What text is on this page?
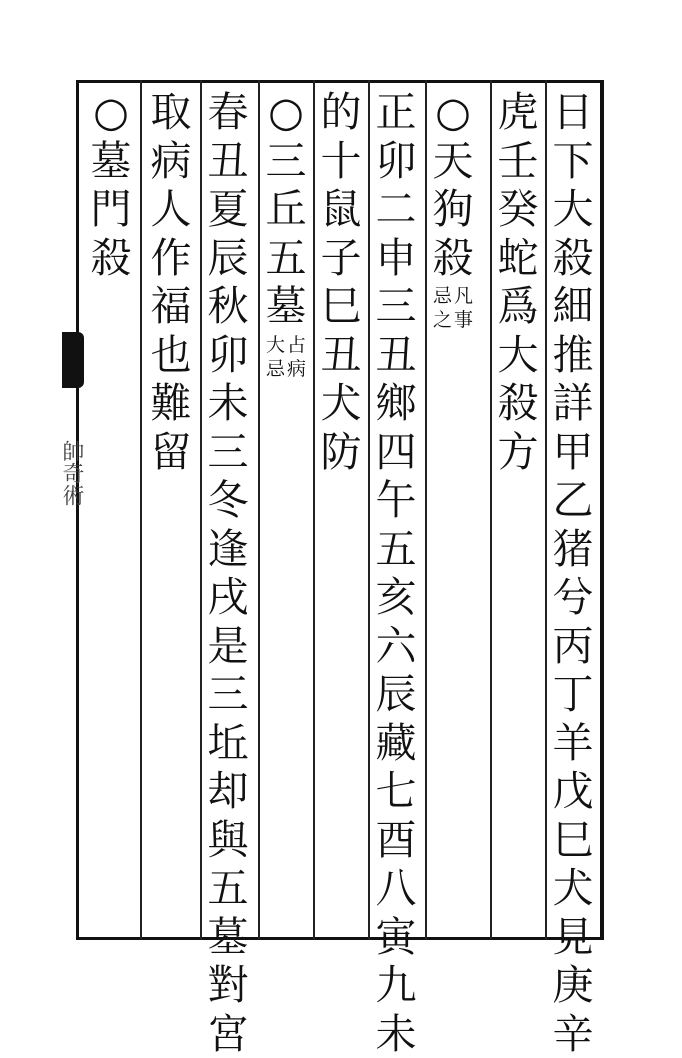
日
下
大
殺
細
推
詳
甲
乙
猪
兮
丙
丁
羊
戊
巳
犬
見
庚
辛
虎
壬
癸
蛇
爲
大
殺
方
○
天
狗
殺
凡
事
忌
之
正
卯
二
申
三
丑
鄉
四
午
五
亥
六
辰
藏
七
酉
八
寅
九
未
的
十
鼠
子
巳
丑
犬
防
○
三
丘
五
墓
占
病
大
忌
春
丑
夏
辰
秋
卯
未
三
冬
逢
戌
是
三
坵
却
與
五
墓
對
宮
取
病
人
作
福
也
難
留
○
墓
門
殺
帥奇術
